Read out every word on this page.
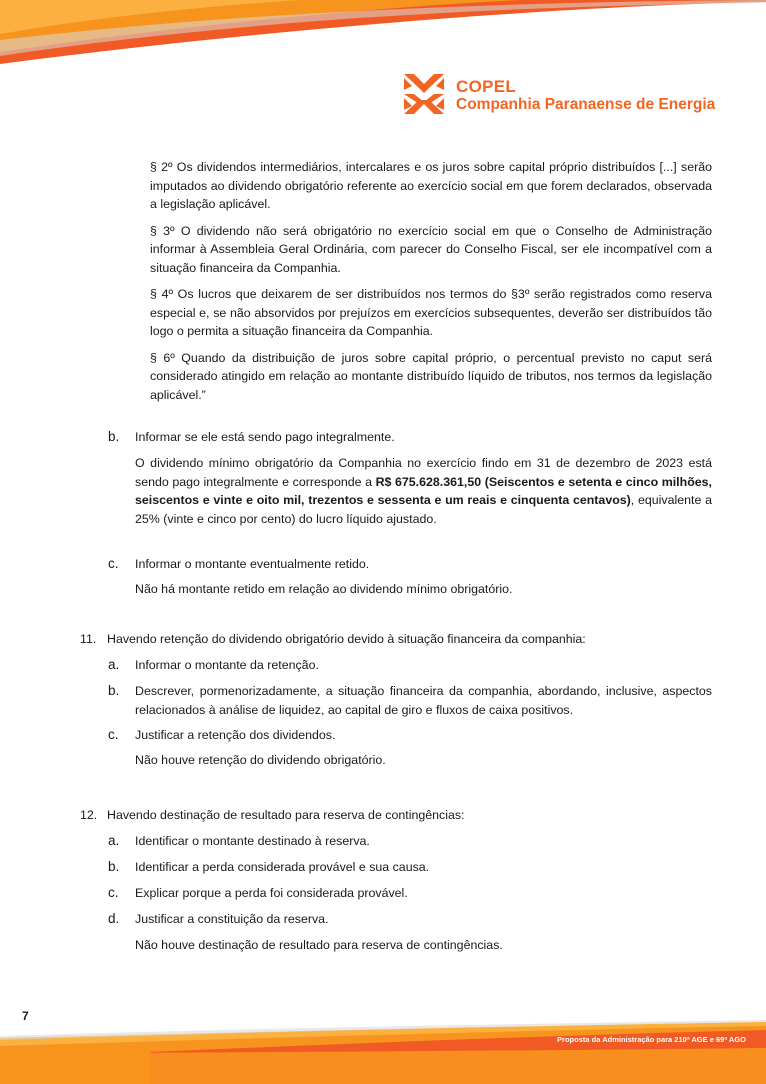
COPEL
Companhia Paranaense de Energia

§ 2º Os dividendos intermediários, intercalares e os juros sobre capital próprio distribuídos [...] serão imputados ao dividendo obrigatório referente ao exercício social em que forem declarados, observada a legislação aplicável.

§ 3º O dividendo não será obrigatório no exercício social em que o Conselho de Administração informar à Assembleia Geral Ordinária, com parecer do Conselho Fiscal, ser ele incompatível com a situação financeira da Companhia.

§ 4º Os lucros que deixarem de ser distribuídos nos termos do §3º serão registrados como reserva especial e, se não absorvidos por prejuízos em exercícios subsequentes, deverão ser distribuídos tão logo o permita a situação financeira da Companhia.

§ 6º Quando da distribuição de juros sobre capital próprio, o percentual previsto no caput será considerado atingido em relação ao montante distribuído líquido de tributos, nos termos da legislação aplicável.”

b. Informar se ele está sendo pago integralmente.
O dividendo mínimo obrigatório da Companhia no exercício findo em 31 de dezembro de 2023 está sendo pago integralmente e corresponde a R$ 675.628.361,50 (Seiscentos e setenta e cinco milhões, seiscentos e vinte e oito mil, trezentos e sessenta e um reais e cinquenta centavos), equivalente a 25% (vinte e cinco por cento) do lucro líquido ajustado.
c. Informar o montante eventualmente retido.
Não há montante retido em relação ao dividendo mínimo obrigatório.
11. Havendo retenção do dividendo obrigatório devido à situação financeira da companhia:
a. Informar o montante da retenção.
b. Descrever, pormenorizadamente, a situação financeira da companhia, abordando, inclusive, aspectos relacionados à análise de liquidez, ao capital de giro e fluxos de caixa positivos.
c. Justificar a retenção dos dividendos.
Não houve retenção do dividendo obrigatório.
12. Havendo destinação de resultado para reserva de contingências:
a. Identificar o montante destinado à reserva.
b. Identificar a perda considerada provável e sua causa.
c. Explicar porque a perda foi considerada provável.
d. Justificar a constituição da reserva.
Não houve destinação de resultado para reserva de contingências.
7
Proposta da Administração para 210ª AGE e 69ª AGO
